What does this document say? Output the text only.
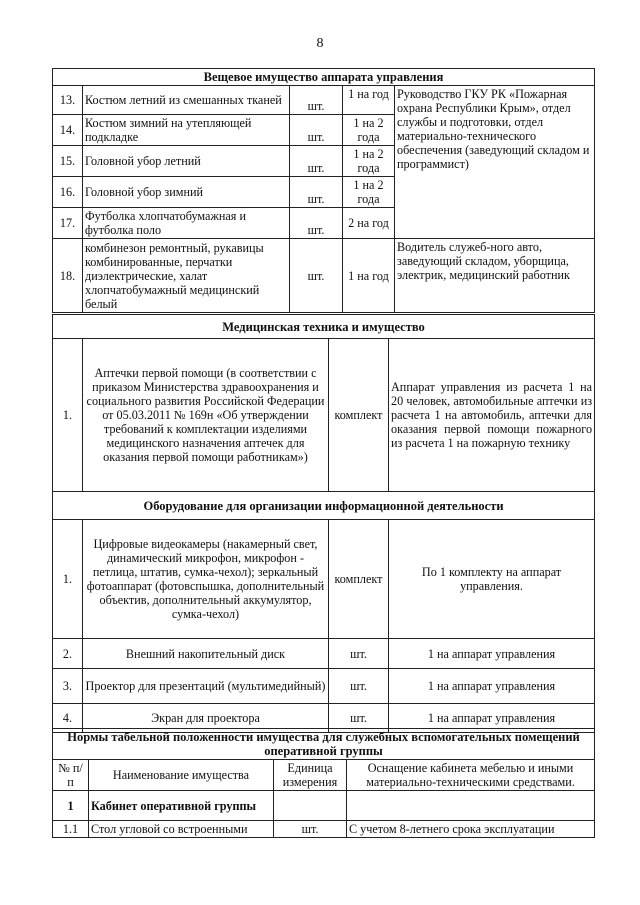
8
Вещевое имущество аппарата управления				
13.	Костюм летний из смешанных тканей	шт.	1 на год	Руководство ГКУ РК «Пожарная охрана Республики Крым», отдел службы и подготовки, отдел материально-технического обеспечения (заведующий складом и программист)
14.	Костюм зимний на утепляющей подкладке	шт.	1 на 2 года	
15.	Головной убор летний	шт.	1 на 2 года	
16.	Головной убор зимний	шт.	1 на 2 года	
17.	Футболка хлопчатобумажная и футболка поло	шт.	2 на год	
18.	комбинезон ремонтный, рукавицы комбинированные, перчатки диэлектрические, халат хлопчатобумажный медицинский белый	шт.	1 на год	Водитель служеб-ного авто, заведующий складом, уборщица, электрик, медицинский работник
Медицинская техника и имущество			
1.	Аптечки первой помощи (в соответствии с приказом Министерства здравоохранения и социального развития Российской Федерации от 05.03.2011 № 169н «Об утверждении требований к комплектации изделиями медицинского назначения аптечек для оказания первой помощи работникам»)	комплект	Аппарат управления из расчета 1 на 20 человек, автомобильные аптечки из расчета 1 на автомобиль, аптечки для оказания первой помощи пожарного из расчета 1 на пожарную технику
Оборудование для организации информационной деятельности			
1.	Цифровые видеокамеры (накамерный свет, динамический микрофон, микрофон - петлица, штатив, сумка-чехол); зеркальный фотоаппарат (фотовспышка, дополнительный объектив, дополнительный аккумулятор, сумка-чехол)	комплект	По 1 комплекту на аппарат управления.
2.	Внешний накопительный диск	шт.	1 на аппарат управления
3.	Проектор для презентаций (мультимедийный)	шт.	1 на аппарат управления
4.	Экран для проектора	шт.	1 на аппарат управления
Нормы табельной положенности имущества для служебных вспомогательных помещений оперативной группы			
№ п/п	Наименование имущества	Единица измерения	Оснащение кабинета мебелью и иными материально-техническими средствами.
1	Кабинет оперативной группы		
1.1	Стол угловой со встроенными	шт.	С учетом 8-летнего срока эксплуатации
